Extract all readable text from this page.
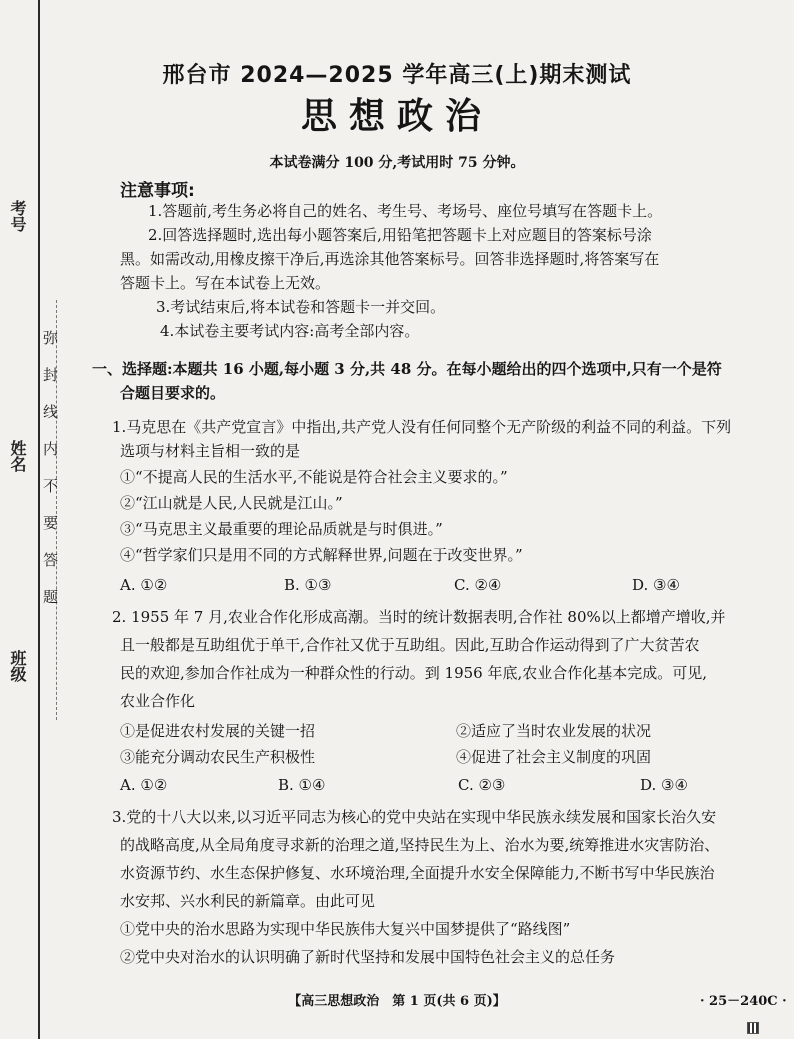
考号
姓名
班级
弥封线内不要答题
邢台市 2024—2025 学年高三(上)期末测试
思想政治
本试卷满分 100 分,考试用时 75 分钟。
注意事项:
1.答题前,考生务必将自己的姓名、考生号、考场号、座位号填写在答题卡上。
2.回答选择题时,选出每小题答案后,用铅笔把答题卡上对应题目的答案标号涂
黑。如需改动,用橡皮擦干净后,再选涂其他答案标号。回答非选择题时,将答案写在
答题卡上。写在本试卷上无效。
3.考试结束后,将本试卷和答题卡一并交回。
4.本试卷主要考试内容:高考全部内容。
一、选择题:本题共 16 小题,每小题 3 分,共 48 分。在每小题给出的四个选项中,只有一个是符
合题目要求的。
1.马克思在《共产党宣言》中指出,共产党人没有任何同整个无产阶级的利益不同的利益。下列
选项与材料主旨相一致的是
①“不提高人民的生活水平,不能说是符合社会主义要求的。”
②“江山就是人民,人民就是江山。”
③“马克思主义最重要的理论品质就是与时俱进。”
④“哲学家们只是用不同的方式解释世界,问题在于改变世界。”
A. ①②	B. ①③	C. ②④	D. ③④
2. 1955 年 7 月,农业合作化形成高潮。当时的统计数据表明,合作社 80%以上都增产增收,并
且一般都是互助组优于单干,合作社又优于互助组。因此,互助合作运动得到了广大贫苦农
民的欢迎,参加合作社成为一种群众性的行动。到 1956 年底,农业合作化基本完成。可见,
农业合作化
①是促进农村发展的关键一招	②适应了当时农业发展的状况
③能充分调动农民生产积极性	④促进了社会主义制度的巩固
A. ①②	B. ①④	C. ②③	D. ③④
3.党的十八大以来,以习近平同志为核心的党中央站在实现中华民族永续发展和国家长治久安
的战略高度,从全局角度寻求新的治理之道,坚持民生为上、治水为要,统筹推进水灾害防治、
水资源节约、水生态保护修复、水环境治理,全面提升水安全保障能力,不断书写中华民族治
水安邦、兴水利民的新篇章。由此可见
①党中央的治水思路为实现中华民族伟大复兴中国梦提供了“路线图”
②党中央对治水的认识明确了新时代坚持和发展中国特色社会主义的总任务
【高三思想政治　第 1 页(共 6 页)】	· 25－240C ·
